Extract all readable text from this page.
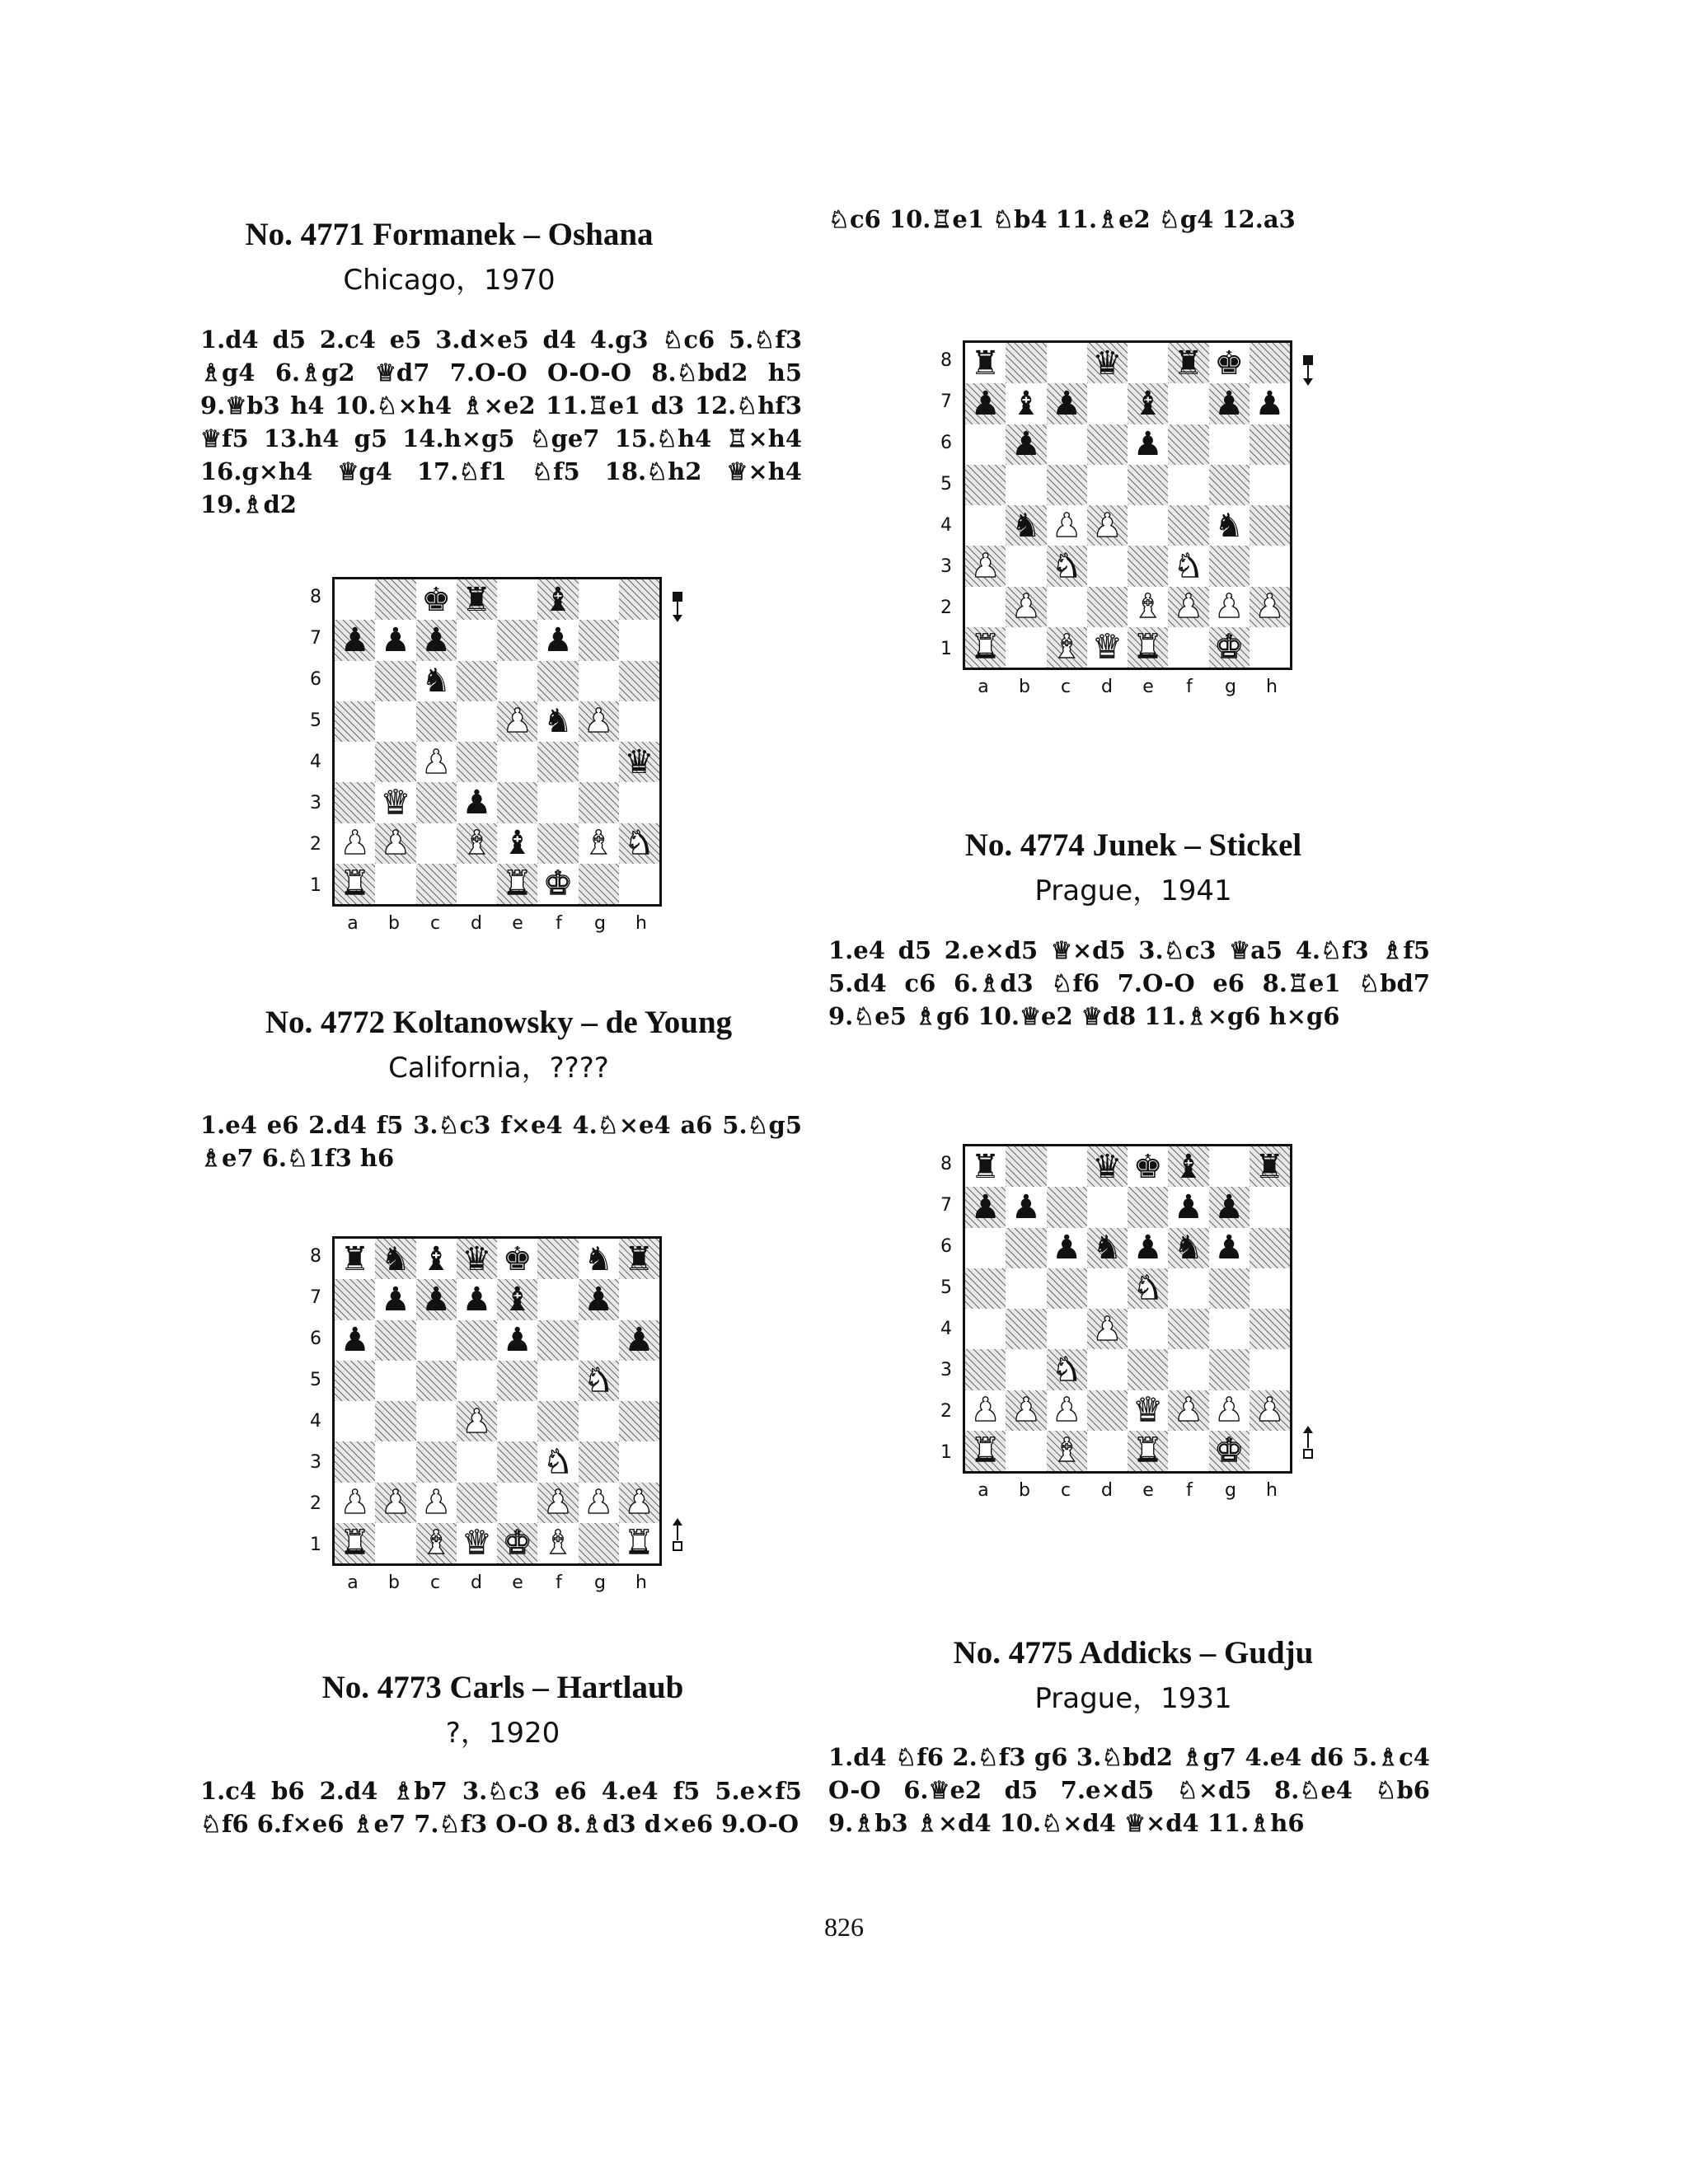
No. 4771 Formanek – Oshana
Chicago，1970
1.d4 d5 2.c4 e5 3.d×e5 d4 4.g3 ♘c6 5.♘f3 ♗g4 6.♗g2 ♕d7 7.O-O O-O-O 8.♘bd2 h5 9.♕b3 h4 10.♘×h4 ♗×e2 11.♖e1 d3 12.♘hf3 ♕f5 13.h4 g5 14.h×g5 ♘ge7 15.♘h4 ♖×h4 16.g×h4 ♕g4 17.♘f1 ♘f5 18.♘h2 ♕×h4 19.♗d2
♚ ♜ ♝
♟ ♟ ♟	♟
♞
♟ ♞ ♟
♟	♛
♛ ♟
♟ ♟ ♝ ♝ ♝ ♞
♜	♜ ♚
8
7
6
5
4
3
2
1
a	b	c	d	e	f	g	h
No. 4772 Koltanowsky – de Young
California，????
1.e4 e6 2.d4 f5 3.♘c3 f×e4 4.♘×e4 a6 5.♘g5 ♗e7 6.♘1f3 h6
♜ ♞ ♝ ♛ ♚ ♞ ♜
♟ ♟ ♟ ♝ ♟
♟	♟	♟
♞
♟
♞
♟ ♟ ♟	♟ ♟ ♟
♜ ♝ ♛ ♚ ♝ ♜
8
7
6
5
4
3
2
1
a	b	c	d	e	f	g	h
No. 4773 Carls – Hartlaub
?，1920
1.c4 b6 2.d4 ♗b7 3.♘c3 e6 4.e4 f5 5.e×f5 ♘f6 6.f×e6 ♗e7 7.♘f3 O-O 8.♗d3 d×e6 9.O-O
♘c6 10.♖e1 ♘b4 11.♗e2 ♘g4 12.a3
♜	♛ ♜ ♚
♟ ♝ ♟ ♝ ♟ ♟
♟	♟
♞ ♟ ♟	♞
♟ ♞	♞
♟	♝ ♟ ♟ ♟
♜ ♝ ♛ ♜ ♚
8
7
6
5
4
3
2
1
a	b	c	d	e	f	g	h
No. 4774 Junek – Stickel
Prague，1941
1.e4 d5 2.e×d5 ♕×d5 3.♘c3 ♕a5 4.♘f3 ♗f5 5.d4 c6 6.♗d3 ♘f6 7.O-O e6 8.♖e1 ♘bd7 9.♘e5 ♗g6 10.♕e2 ♕d8 11.♗×g6 h×g6
♜	♛ ♚ ♝ ♜
♟ ♟	♟ ♟
♟ ♞ ♟ ♞ ♟
♞
♟
♞
♟ ♟ ♟ ♛ ♟ ♟ ♟
♜ ♝ ♜ ♚
8
7
6
5
4
3
2
1
a	b	c	d	e	f	g	h
No. 4775 Addicks – Gudju
Prague，1931
1.d4 ♘f6 2.♘f3 g6 3.♘bd2 ♗g7 4.e4 d6 5.♗c4 O-O 6.♕e2 d5 7.e×d5 ♘×d5 8.♘e4 ♘b6 9.♗b3 ♗×d4 10.♘×d4 ♕×d4 11.♗h6
826
